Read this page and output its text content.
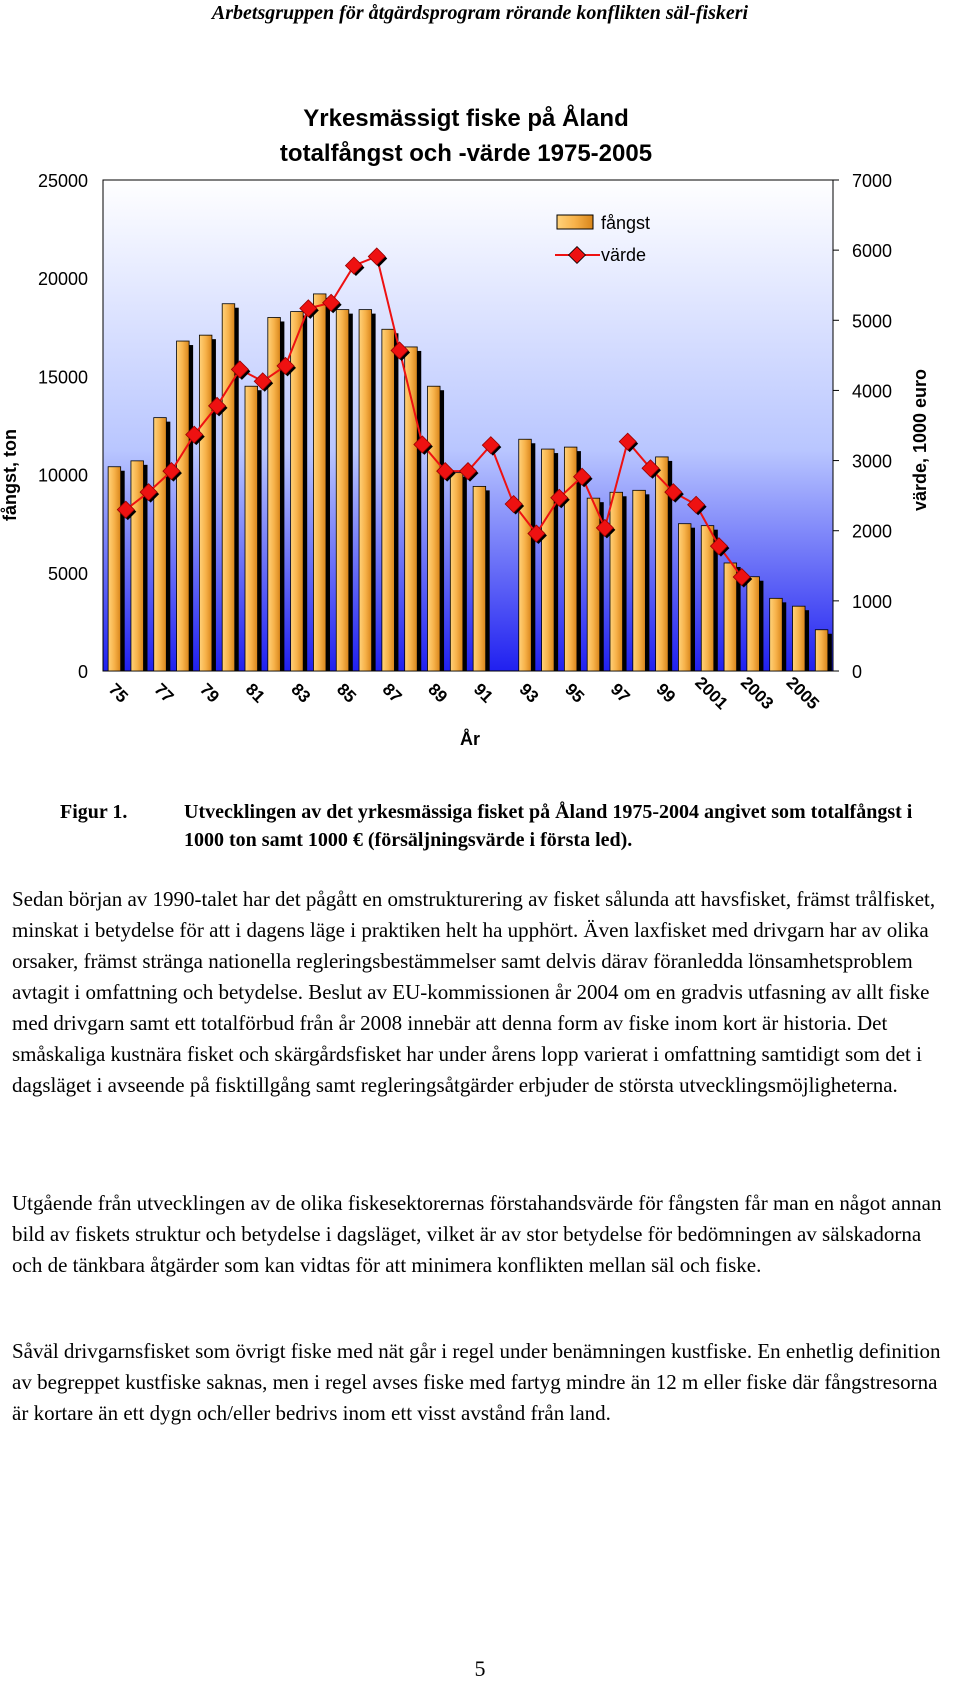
Arbetsgruppen för åtgärdsprogram rörande konflikten säl-fiskeri
Yrkesmässigt fiske på Åland
totalfångst och -värde 1975-2005
0
5000
10000
15000
20000
25000
0
1000
2000
3000
4000
5000
6000
7000
75 77 79 81 83 85 87 89 91 93 95 97 99 2001 2003 2005
fångst, ton	värde, 1000 euro
År
fångst
värde
Figur 1.	Utvecklingen av det yrkesmässiga fisket på Åland 1975-2004 angivet som totalfångst i 1000 ton samt 1000 € (försäljningsvärde i första led).

Sedan början av 1990-talet har det pågått en omstrukturering av fisket sålunda att havsfisket, främst trålfisket, minskat i betydelse för att i dagens läge i praktiken helt ha upphört. Även laxfisket med drivgarn har av olika orsaker, främst stränga nationella regleringsbestämmelser samt delvis därav föranledda lönsamhetsproblem avtagit i omfattning och betydelse. Beslut av EU-kommissionen år 2004 om en gradvis utfasning av allt fiske med drivgarn samt ett totalförbud från år 2008 innebär att denna form av fiske inom kort är historia. Det småskaliga kustnära fisket och skärgårdsfisket har under årens lopp varierat i omfattning samtidigt som det i dagsläget i avseende på fisktillgång samt regleringsåtgärder erbjuder de största utvecklingsmöjligheterna.

Utgående från utvecklingen av de olika fiskesektorernas förstahandsvärde för fångsten får man en något annan bild av fiskets struktur och betydelse i dagsläget, vilket är av stor betydelse för bedömningen av sälskadorna och de tänkbara åtgärder som kan vidtas för att minimera konflikten mellan säl och fiske.

Såväl drivgarnsfisket som övrigt fiske med nät går i regel under benämningen kustfiske. En enhetlig definition av begreppet kustfiske saknas, men i regel avses fiske med fartyg mindre än 12 m eller fiske där fångstresorna är kortare än ett dygn och/eller bedrivs inom ett visst avstånd från land.

5
